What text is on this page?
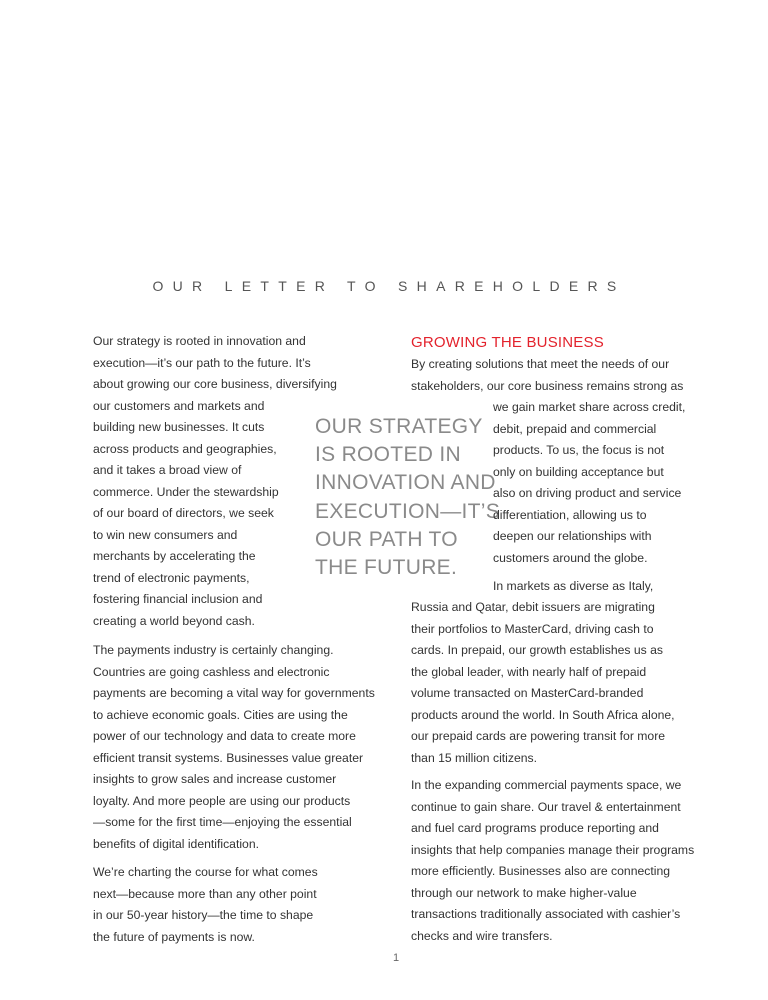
OUR LETTER TO SHAREHOLDERS
Our strategy is rooted in innovation and
execution—it’s our path to the future. It’s
about growing our core business, diversifying
our customers and markets and
building new businesses. It cuts
across products and geographies,
and it takes a broad view of
commerce. Under the stewardship
of our board of directors, we seek
to win new consumers and
merchants by accelerating the
trend of electronic payments,
fostering financial inclusion and
creating a world beyond cash.
The payments industry is certainly changing.
Countries are going cashless and electronic
payments are becoming a vital way for governments
to achieve economic goals. Cities are using the
power of our technology and data to create more
efficient transit systems. Businesses value greater
insights to grow sales and increase customer
loyalty. And more people are using our products
—some for the first time—enjoying the essential
benefits of digital identification.
We’re charting the course for what comes
next—because more than any other point
in our 50-year history—the time to shape
the future of payments is now.
OUR STRATEGY
IS ROOTED IN
INNOVATION AND
EXECUTION—IT’S
OUR PATH TO
THE FUTURE.
GROWING THE BUSINESS
By creating solutions that meet the needs of our
stakeholders, our core business remains strong as
we gain market share across credit,
debit, prepaid and commercial
products. To us, the focus is not
only on building acceptance but
also on driving product and service
differentiation, allowing us to
deepen our relationships with
customers around the globe.
In markets as diverse as Italy,
Russia and Qatar, debit issuers are migrating
their portfolios to MasterCard, driving cash to
cards. In prepaid, our growth establishes us as
the global leader, with nearly half of prepaid
volume transacted on MasterCard-branded
products around the world. In South Africa alone,
our prepaid cards are powering transit for more
than 15 million citizens.
In the expanding commercial payments space, we
continue to gain share. Our travel & entertainment
and fuel card programs produce reporting and
insights that help companies manage their programs
more efficiently. Businesses also are connecting
through our network to make higher-value
transactions traditionally associated with cashier’s
checks and wire transfers.
1
